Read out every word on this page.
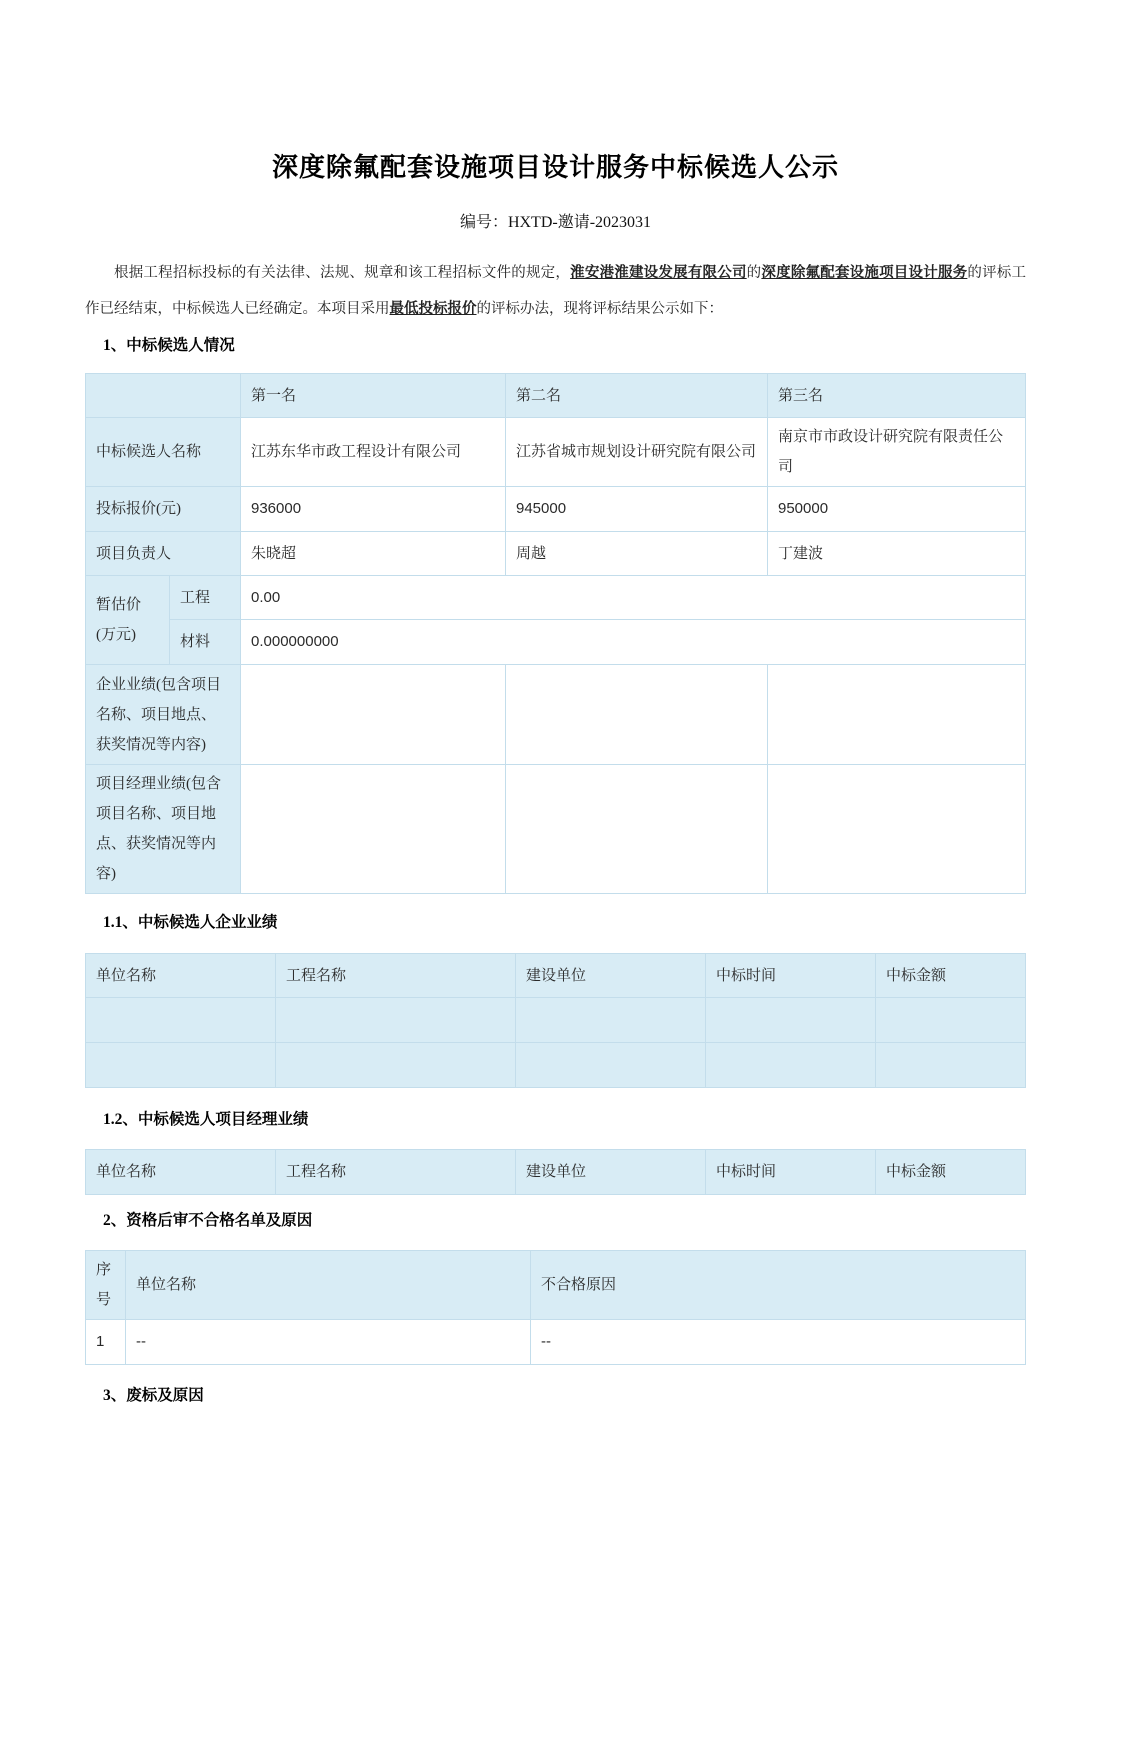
深度除氟配套设施项目设计服务中标候选人公示

编号：HXTD-邀请-2023031

根据工程招标投标的有关法律、法规、规章和该工程招标文件的规定，淮安港淮建设发展有限公司的深度除氟配套设施项目设计服务的评标工作已经结束，中标候选人已经确定。本项目采用最低投标报价的评标办法，现将评标结果公示如下：

1、中标候选人情况
		第一名	第二名	第三名
中标候选人名称		江苏东华市政工程设计有限公司	江苏省城市规划设计研究院有限公司	南京市市政设计研究院有限责任公司
投标报价(元)		936000	945000	950000
项目负责人		朱晓超	周越	丁建波
暂估价(万元)	工程	0.00		
	材料	0.000000000		
企业业绩(包含项目名称、项目地点、获奖情况等内容)				
项目经理业绩(包含项目名称、项目地点、获奖情况等内容)				
1.1、中标候选人企业业绩
单位名称	工程名称	建设单位	中标时间	中标金额

1.2、中标候选人项目经理业绩
单位名称	工程名称	建设单位	中标时间	中标金额
2、资格后审不合格名单及原因
序号	单位名称	不合格原因
1	--	--
3、废标及原因
